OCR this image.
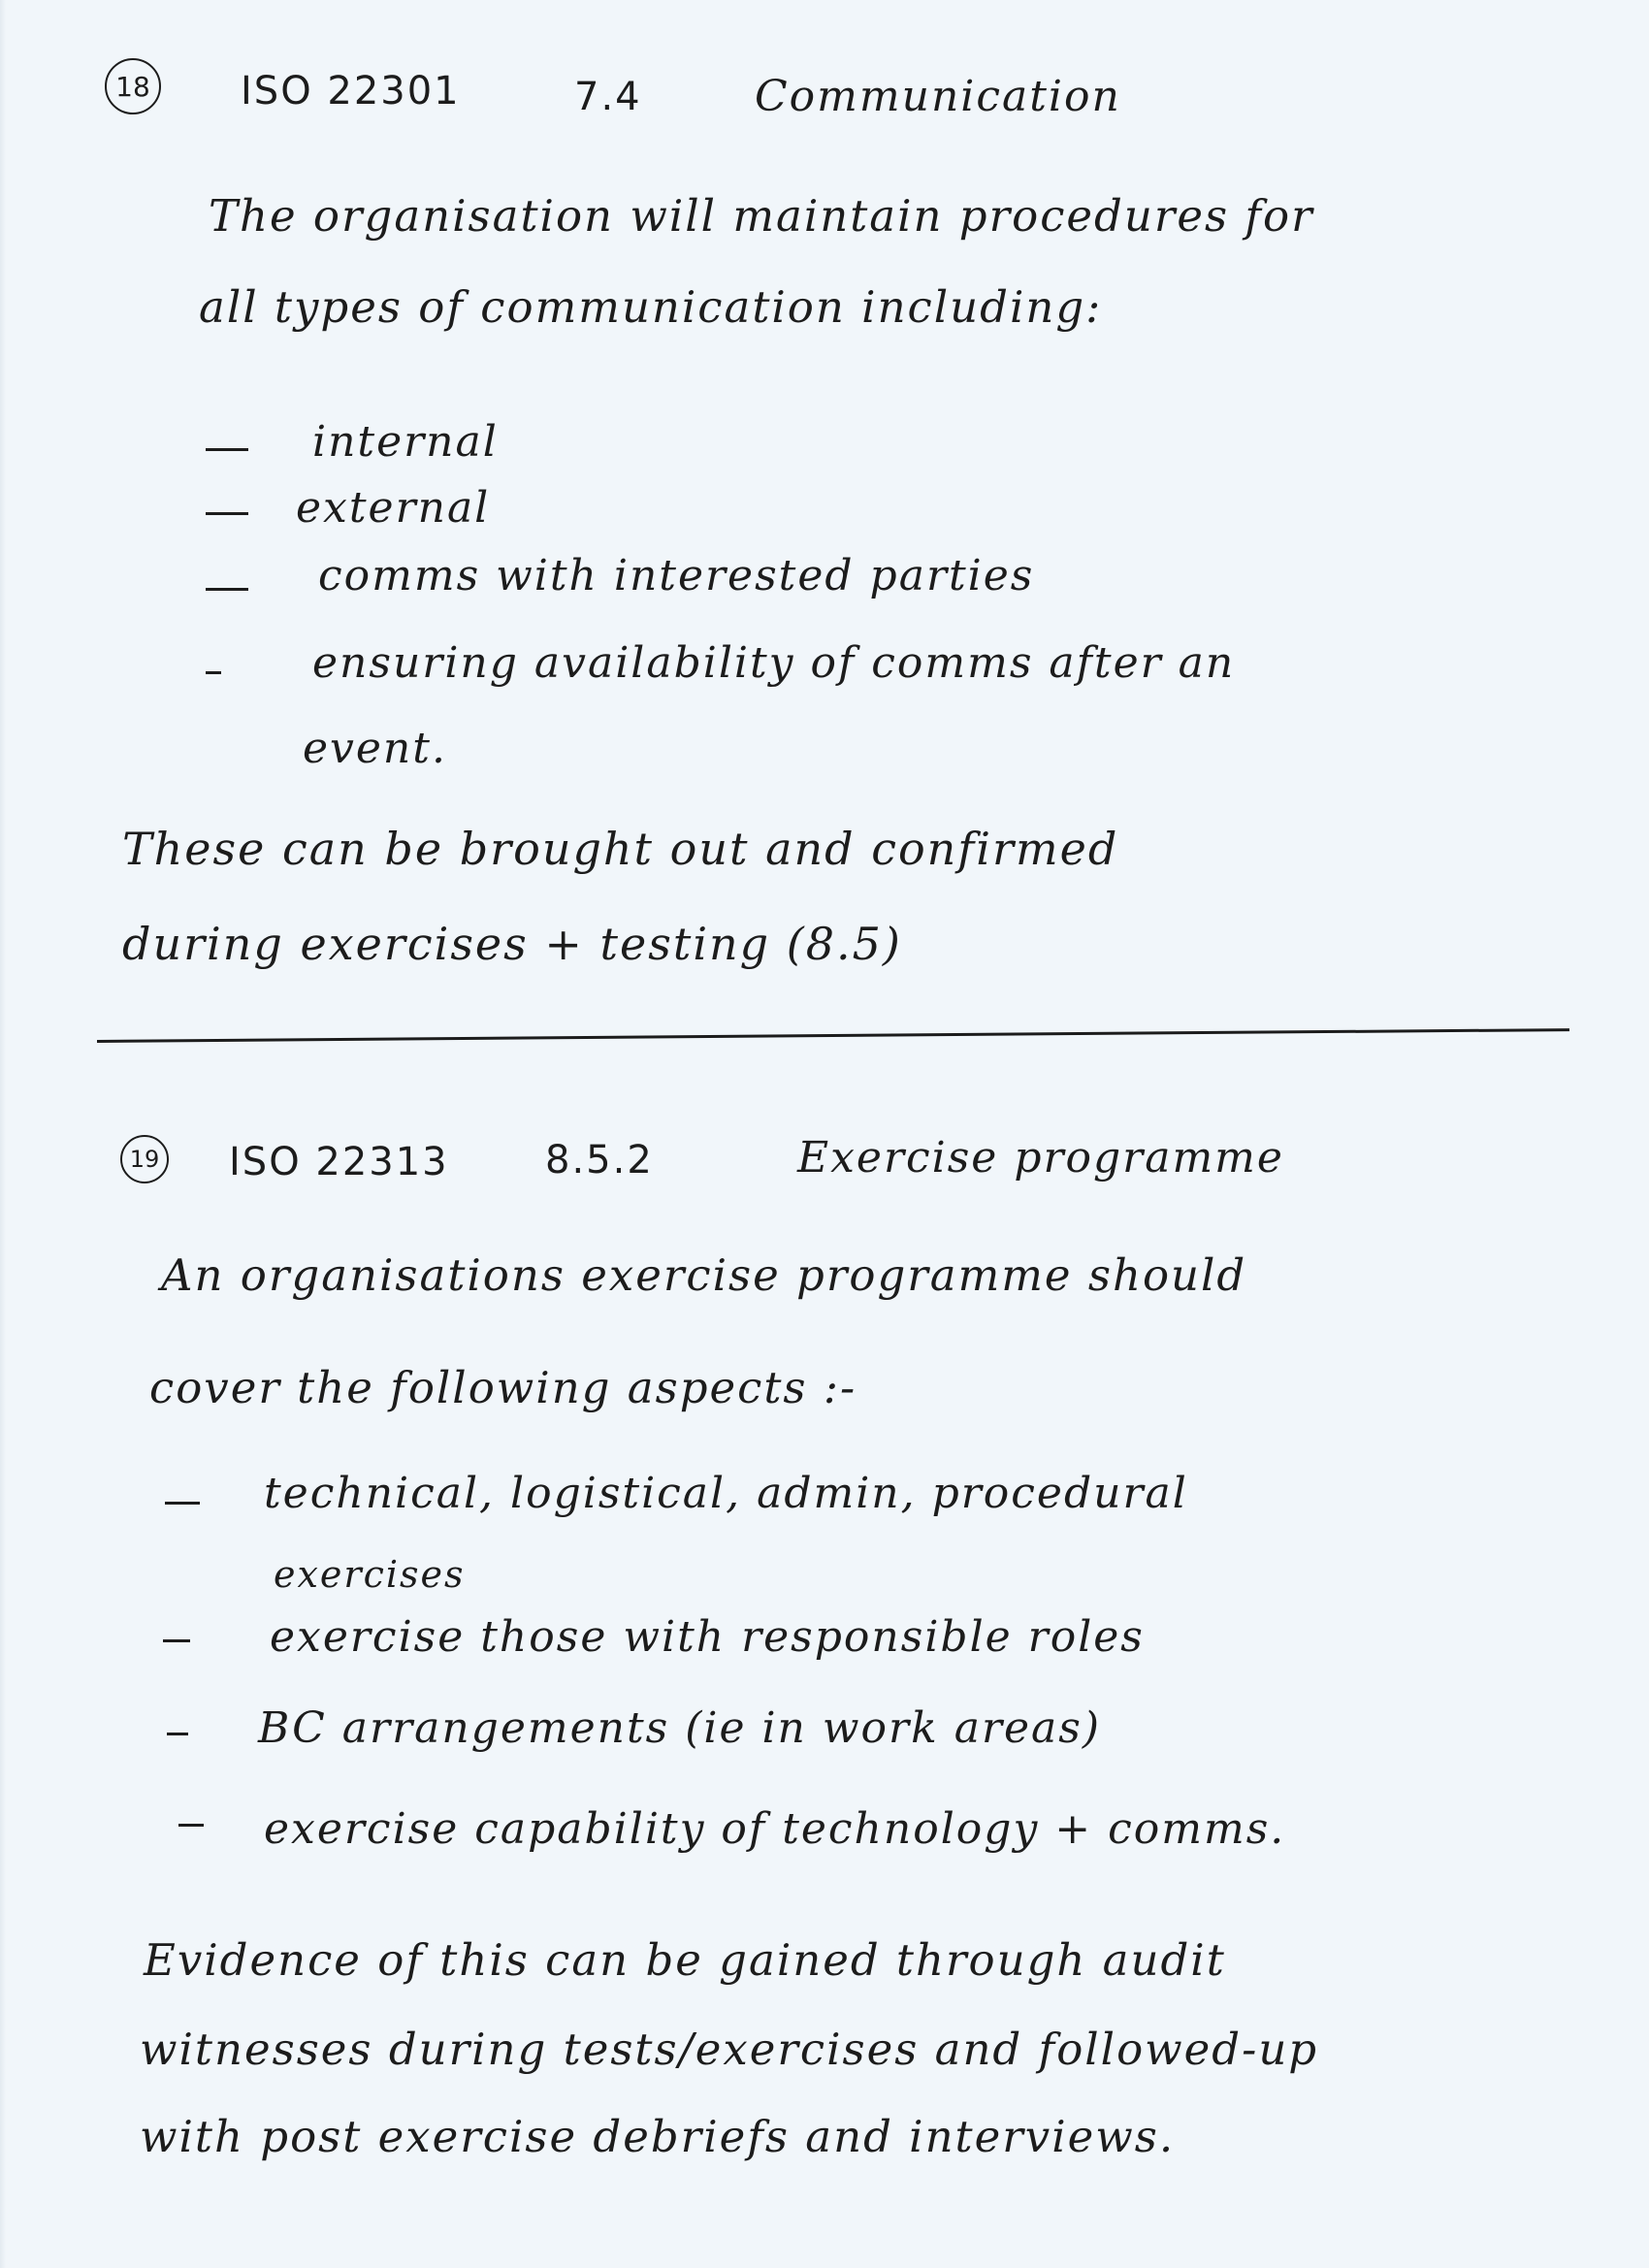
18 ISO 22301	7.4	Communication
The organisation will maintain procedures for
all types of communication including:
internal
external
comms with interested parties
ensuring availability of comms after an
event.
These can be brought out and confirmed
during exercises + testing (8.5)
19 ISO 22313 8.5.2	Exercise programme
An organisations exercise programme should
cover the following aspects :-
technical, logistical, admin, procedural
exercises
exercise those with responsible roles
BC arrangements (ie in work areas)
exercise capability of technology + comms.
Evidence of this can be gained through audit
witnesses during tests/exercises and followed-up
with post exercise debriefs and interviews.
